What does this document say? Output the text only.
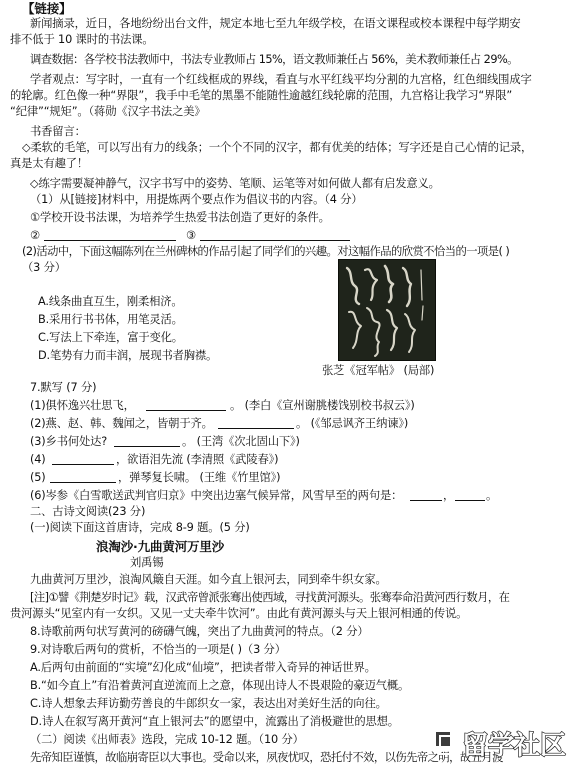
【链接】
新闻摘录，近日，各地纷纷出台文件，规定本地七至九年级学校，在语文课程或校本课程中每学期安
排不低于 10 课时的书法课。
调查数据：各学校书法教师中，书法专业教师占 15%，语文教师兼任占 56%，美术教师兼任占 29%。
学者观点：写字时，一直有一个红线框成的界线，看直与水平红线平均分割的九宫格，红色细线围成字
的轮廓。红色像一种“界限”，我手中毛笔的黑墨不能随性逾越红线轮廓的范围，九宫格让我学习“界限”
“纪律”“规矩”。（蒋勋《汉字书法之美》
书香留言：
◇柔软的毛笔，可以写出有力的线条；一个个不同的汉字，都有优美的结体；写字还是自己心情的记录，
真是太有趣了！
◇练字需要凝神静气，汉字书写中的姿势、笔顺、运笔等对如何做人都有启发意义。
（1）从[链接]材料中，用提炼两个要点作为倡议书的内容。（4 分）
①学校开设书法课，为培养学生热爱书法创造了更好的条件。
②	③
(2)活动中，下面这幅陈列在兰州碑林的作品引起了同学们的兴趣。对这幅作品的欣赏不恰当的一项是( )
（3 分）
A.线条曲直互生，刚柔相济。
B.采用行书书体，用笔灵活。
C.写法上下牵连，富于变化。
D.笔势有力而丰润，展现书者胸襟。
张芝《冠军帖》 (局部)
7.默写 (7 分)
(1)俱怀逸兴壮思飞，	。 (李白《宣州谢朓楼饯别校书叔云》)
(2)燕、赵、韩、魏闻之，皆朝于齐。	。 (《邹忌讽齐王纳谏》)
(3)乡书何处达?	。 (王湾《次北固山下》)
(4)	，欲语泪先流 (李清照《武陵春》)
(5)	，弹琴复长啸。 (王维《竹里馆》)
(6)岑参《白雪歌送武判官归京》中突出边塞气候异常，风雪早至的两句是：	，	。
二、古诗文阅读(23 分)
(一)阅读下面这首唐诗，完成 8-9 题。(5 分)
浪淘沙·九曲黄河万里沙
刘禹锡
九曲黄河万里沙，浪淘风簸自天涯。如今直上银河去，同到牵牛织女家。
[注]①譬《荆楚岁时记》载，汉武帝曾派张骞出使西域，寻找黄河源头。张骞奉命沿黄河西行数月，在
贵河源头“见室内有一女织。又见一丈夫牵牛饮河”。由此有黄河源头与天上银河相通的传说。
8.诗歌前两句状写黄河的磅礴气魄，突出了九曲黄河的特点。（2 分）
9.对诗歌后两句的赏析，不恰当的一项是( )（3 分）
A.后两句由前面的“实境”幻化成“仙境”，把读者带入奇异的神话世界。
B.“如今直上”有沿着黄河直逆流而上之意，体现出诗人不畏艰险的豪迈气概。
C.诗人想象去拜访勤劳善良的牛郎织女一家，表达出对美好生活的向往。
D.诗人在叙写离开黄河“直上银河去”的愿望中，流露出了消极避世的思想。
（二）阅读《出师表》选段，完成 10-12 题。（10 分）
先帝知臣谨慎，故临崩寄臣以大事也。受命以来，夙夜忧叹，恐托付不效，以伤先帝之明，故五月渡
留学社区
